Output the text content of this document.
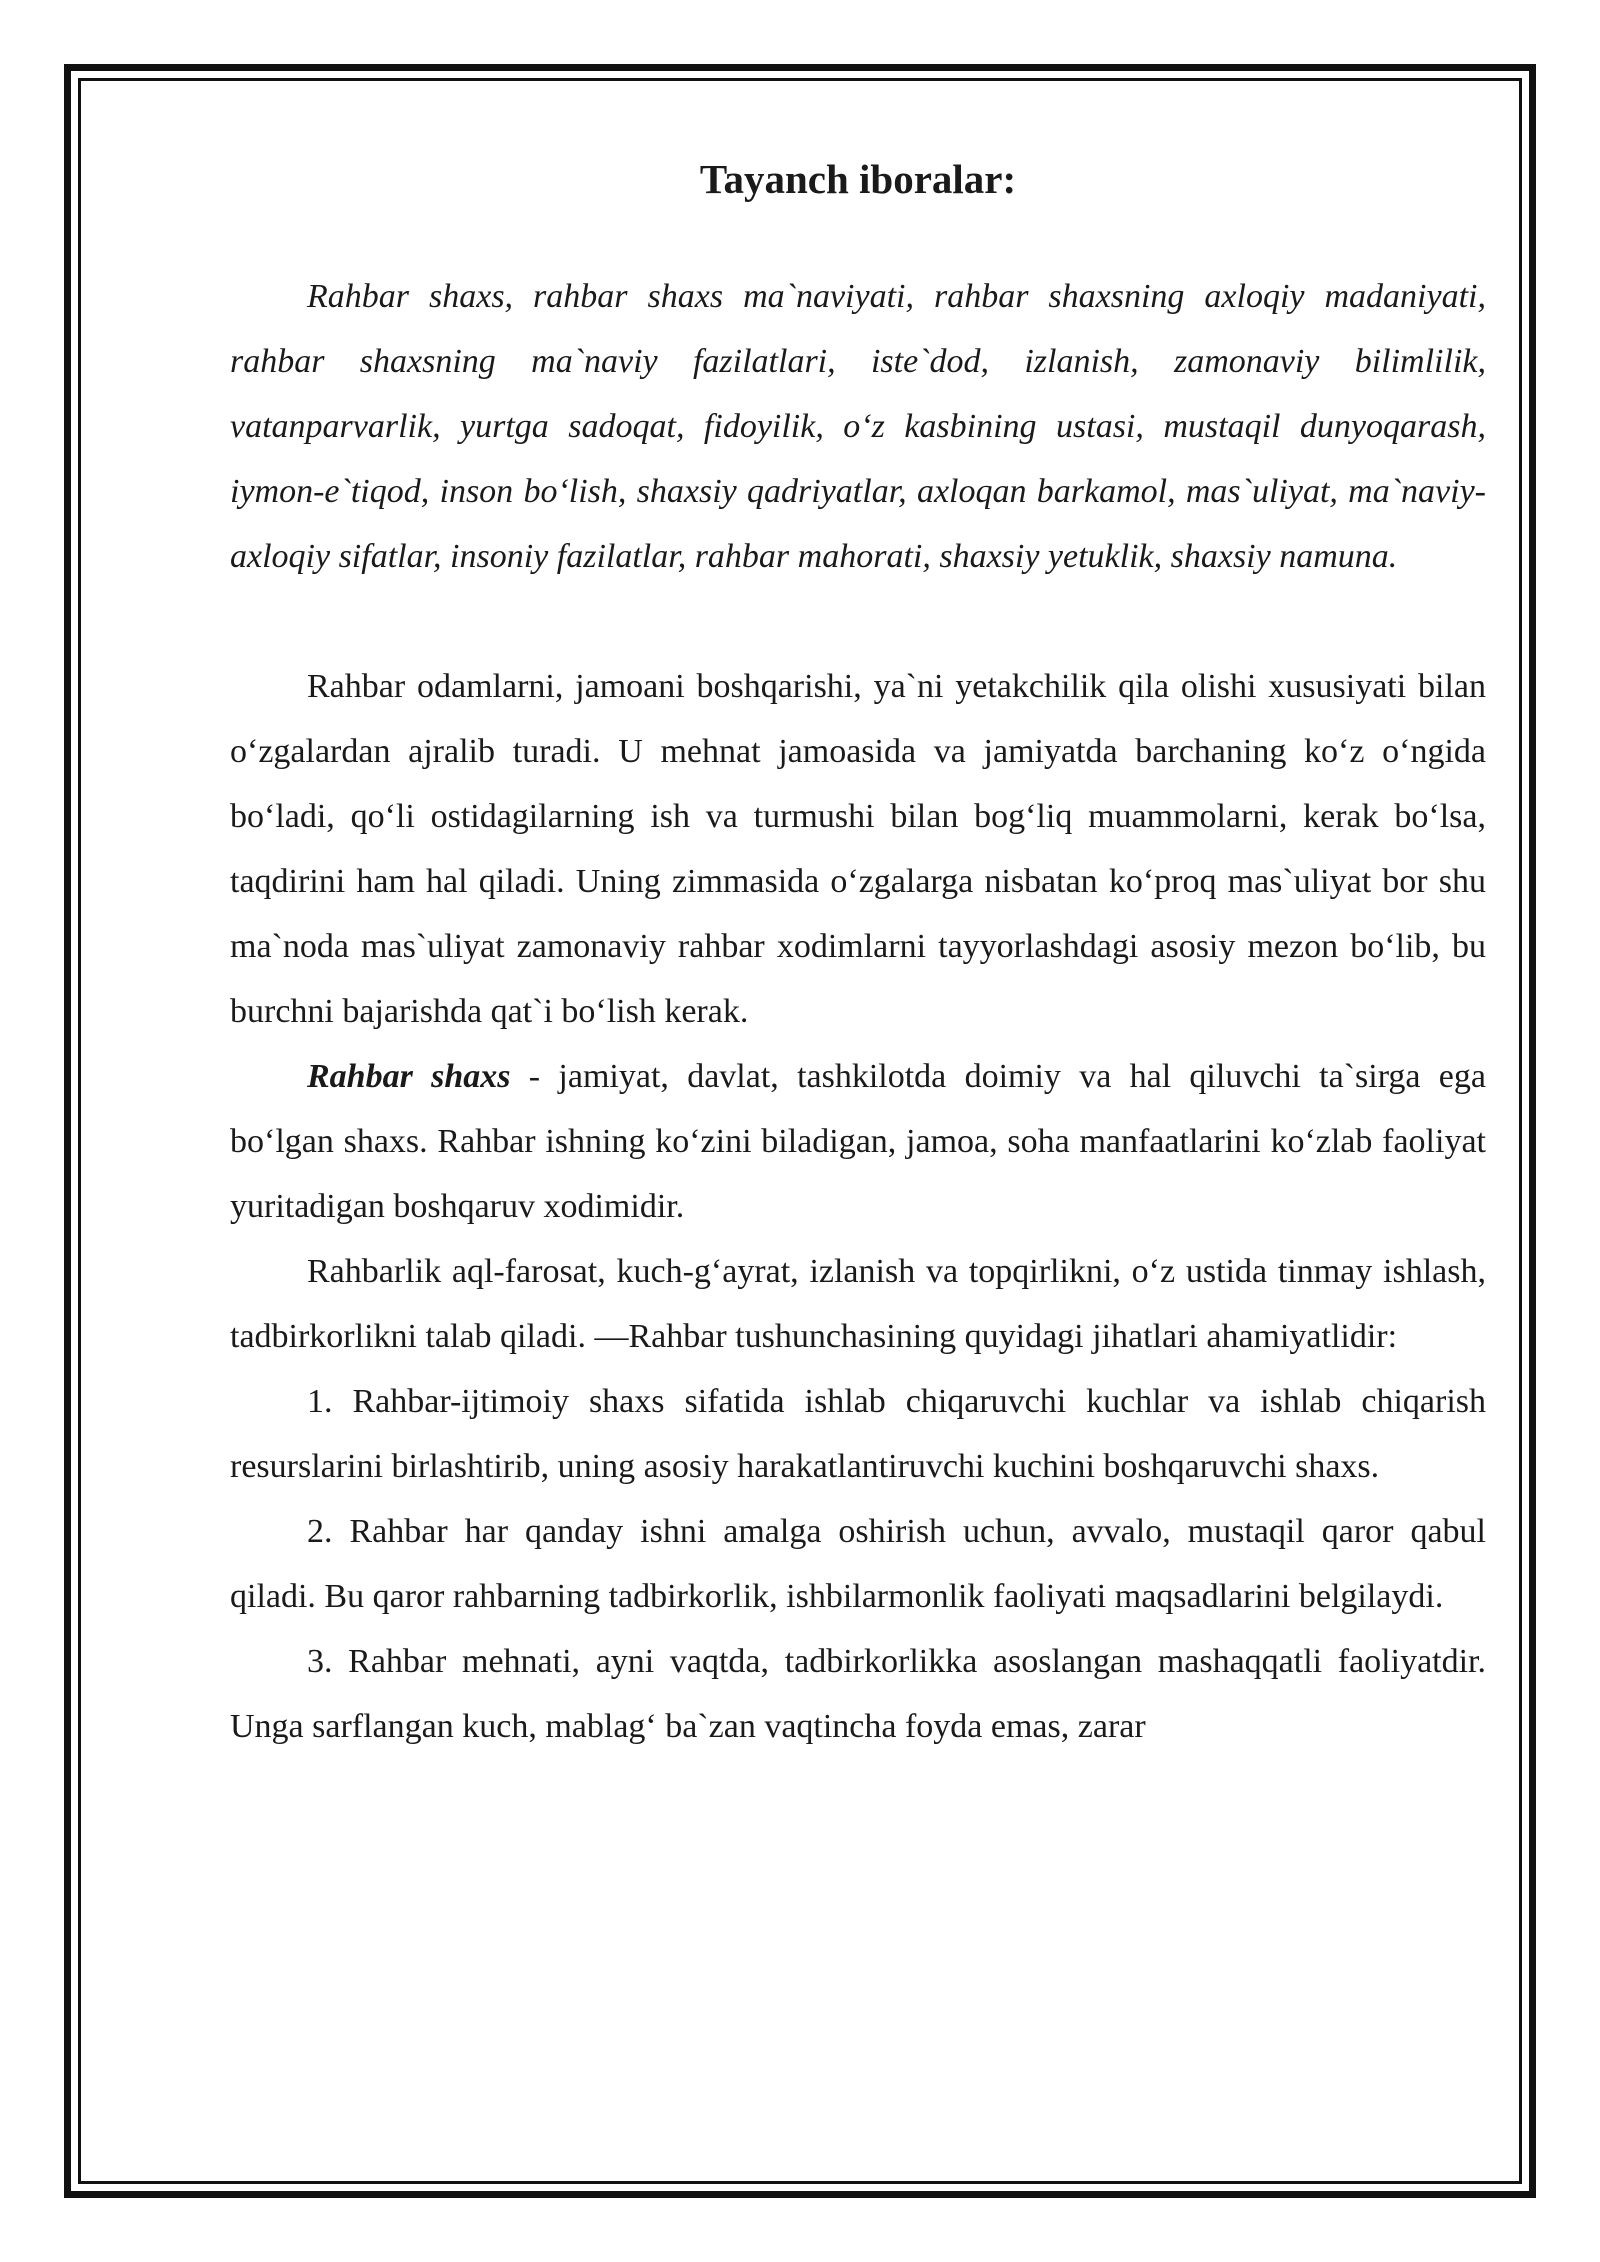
Tayanch iboralar:

Rahbar shaxs, rahbar shaxs ma`naviyati, rahbar shaxsning axloqiy madaniyati, rahbar shaxsning ma`naviy fazilatlari, iste`dod, izlanish, zamonaviy bilimlilik, vatanparvarlik, yurtga sadoqat, fidoyilik, o‘z kasbining ustasi, mustaqil dunyoqarash, iymon-e`tiqod, inson bo‘lish, shaxsiy qadriyatlar, axloqan barkamol, mas`uliyat, ma`naviy-axloqiy sifatlar, insoniy fazilatlar, rahbar mahorati, shaxsiy yetuklik, shaxsiy namuna.

Rahbar odamlarni, jamoani boshqarishi, ya`ni yetakchilik qila olishi xususiyati bilan o‘zgalardan ajralib turadi. U mehnat jamoasida va jamiyatda barchaning ko‘z o‘ngida bo‘ladi, qo‘li ostidagilarning ish va turmushi bilan bog‘liq muammolarni, kerak bo‘lsa, taqdirini ham hal qiladi. Uning zimmasida o‘zgalarga nisbatan ko‘proq mas`uliyat bor shu ma`noda mas`uliyat zamonaviy rahbar xodimlarni tayyorlashdagi asosiy mezon bo‘lib, bu burchni bajarishda qat`i bo‘lish kerak.

Rahbar shaxs - jamiyat, davlat, tashkilotda doimiy va hal qiluvchi ta`sirga ega bo‘lgan shaxs. Rahbar ishning ko‘zini biladigan, jamoa, soha manfaatlarini ko‘zlab faoliyat yuritadigan boshqaruv xodimidir.

Rahbarlik aql-farosat, kuch-g‘ayrat, izlanish va topqirlikni, o‘z ustida tinmay ishlash, tadbirkorlikni talab qiladi. —Rahbar tushunchasining quyidagi jihatlari ahamiyatlidir:

1. Rahbar-ijtimoiy shaxs sifatida ishlab chiqaruvchi kuchlar va ishlab chiqarish resurslarini birlashtirib, uning asosiy harakatlantiruvchi kuchini boshqaruvchi shaxs.

2. Rahbar har qanday ishni amalga oshirish uchun, avvalo, mustaqil qaror qabul qiladi. Bu qaror rahbarning tadbirkorlik, ishbilarmonlik faoliyati maqsadlarini belgilaydi.

3. Rahbar mehnati, ayni vaqtda, tadbirkorlikka asoslangan mashaqqatli faoliyatdir. Unga sarflangan kuch, mablag‘ ba`zan vaqtincha foyda emas, zarar
